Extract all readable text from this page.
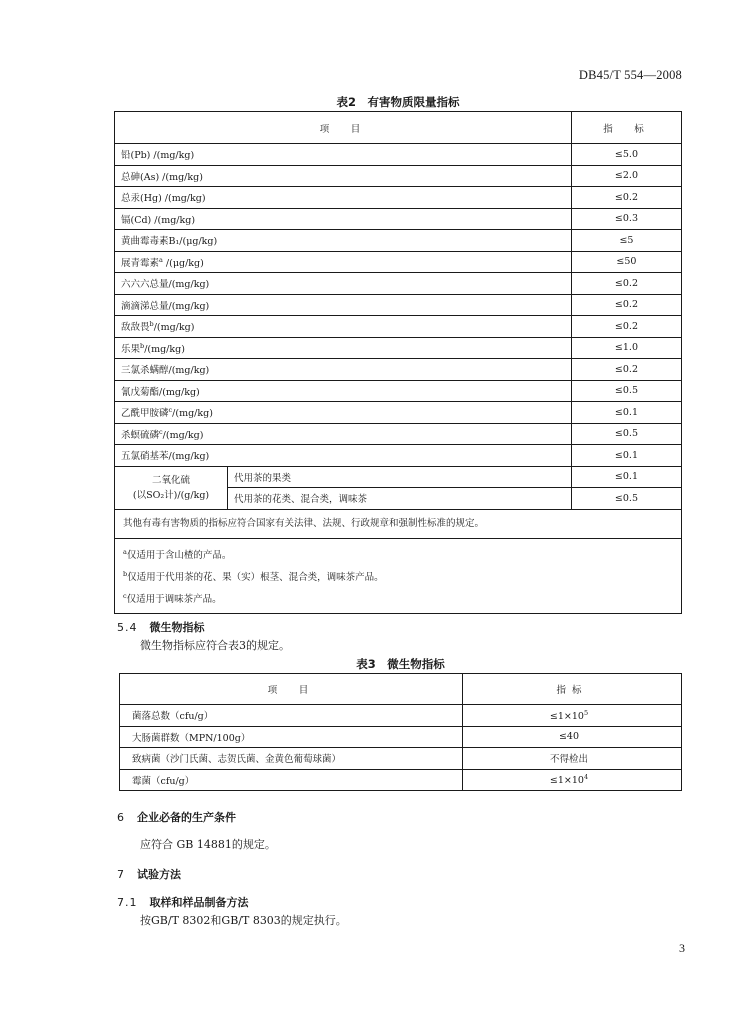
DB45/T 554—2008
表2　有害物质限量指标
项　目		指　标
铅(Pb) /(mg/kg)		≤5.0
总砷(As) /(mg/kg)		≤2.0
总汞(Hg) /(mg/kg)		≤0.2
镉(Cd) /(mg/kg)		≤0.3
黄曲霉毒素B₁/(μg/kg)		≤5
展青霉素$^a$ /(μg/kg)		≤50
六六六总量/(mg/kg)		≤0.2
滴滴涕总量/(mg/kg)		≤0.2
敌敌畏$^b$/(mg/kg)		≤0.2
乐果$^b$/(mg/kg)		≤1.0
三氯杀螨醇/(mg/kg)		≤0.2
氰戊菊酯/(mg/kg)		≤0.5
乙酰甲胺磷$^c$/(mg/kg)		≤0.1
杀螟硫磷$^c$/(mg/kg)		≤0.5
五氯硝基苯/(mg/kg)		≤0.1

二氧化硫
(以SO₂计)/(g/kg)	代用茶的果类	≤0.1
	代用茶的花类、混合类，调味茶	≤0.5
其他有毒有害物质的指标应符合国家有关法律、法规、行政规章和强制性标准的规定。		

$^a$仅适用于含山楂的产品。
$^b$仅适用于代用茶的花、果（实）根茎、混合类，调味茶产品。
$^c$仅适用于调味茶产品。		
5.4 微生物指标
微生物指标应符合表3的规定。
表3　微生物指标
项　目	指标
菌落总数（cfu/g）	$\le 1\times 10^5$
大肠菌群数（MPN/100g）	≤40
致病菌（沙门氏菌、志贺氏菌、金黄色葡萄球菌）	不得检出
霉菌（cfu/g）	$\le 1\times 10^4$
6 企业必备的生产条件
应符合 GB 14881的规定。
7 试验方法
7.1 取样和样品制备方法
按GB/T 8302和GB/T 8303的规定执行。
3
